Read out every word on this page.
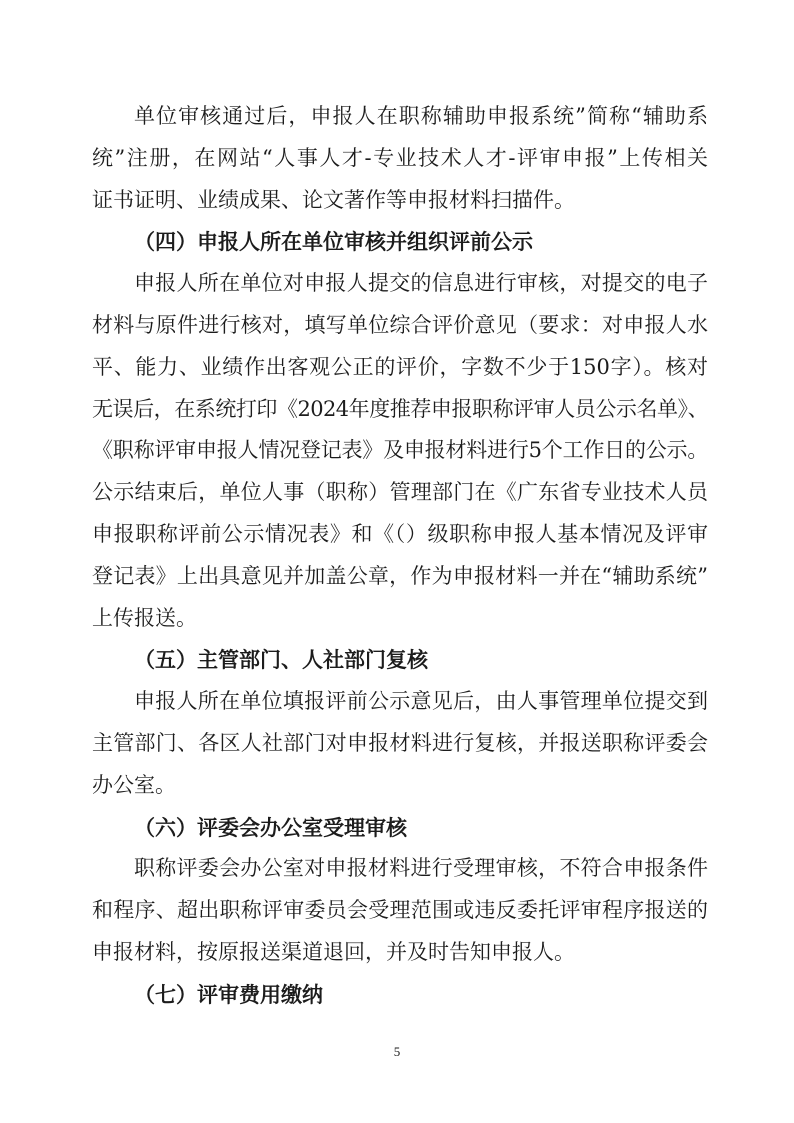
单位审核通过后，申报人在职称辅助申报系统”简称“辅助系
统”注册，在网站“人事人才-专业技术人才-评审申报”上传相关
证书证明、业绩成果、论文著作等申报材料扫描件。
（四）申报人所在单位审核并组织评前公示
申报人所在单位对申报人提交的信息进行审核，对提交的电子
材料与原件进行核对，填写单位综合评价意见（要求：对申报人水
平、能力、业绩作出客观公正的评价，字数不少于150字）。核对
无误后，在系统打印《2024年度推荐申报职称评审人员公示名单》、
《职称评审申报人情况登记表》及申报材料进行5个工作日的公示。
公示结束后，单位人事（职称）管理部门在《广东省专业技术人员
申报职称评前公示情况表》和《（）级职称申报人基本情况及评审
登记表》上出具意见并加盖公章，作为申报材料一并在“辅助系统”
上传报送。
（五）主管部门、人社部门复核
申报人所在单位填报评前公示意见后，由人事管理单位提交到
主管部门、各区人社部门对申报材料进行复核，并报送职称评委会
办公室。
（六）评委会办公室受理审核
职称评委会办公室对申报材料进行受理审核，不符合申报条件
和程序、超出职称评审委员会受理范围或违反委托评审程序报送的
申报材料，按原报送渠道退回，并及时告知申报人。
（七）评审费用缴纳
5
